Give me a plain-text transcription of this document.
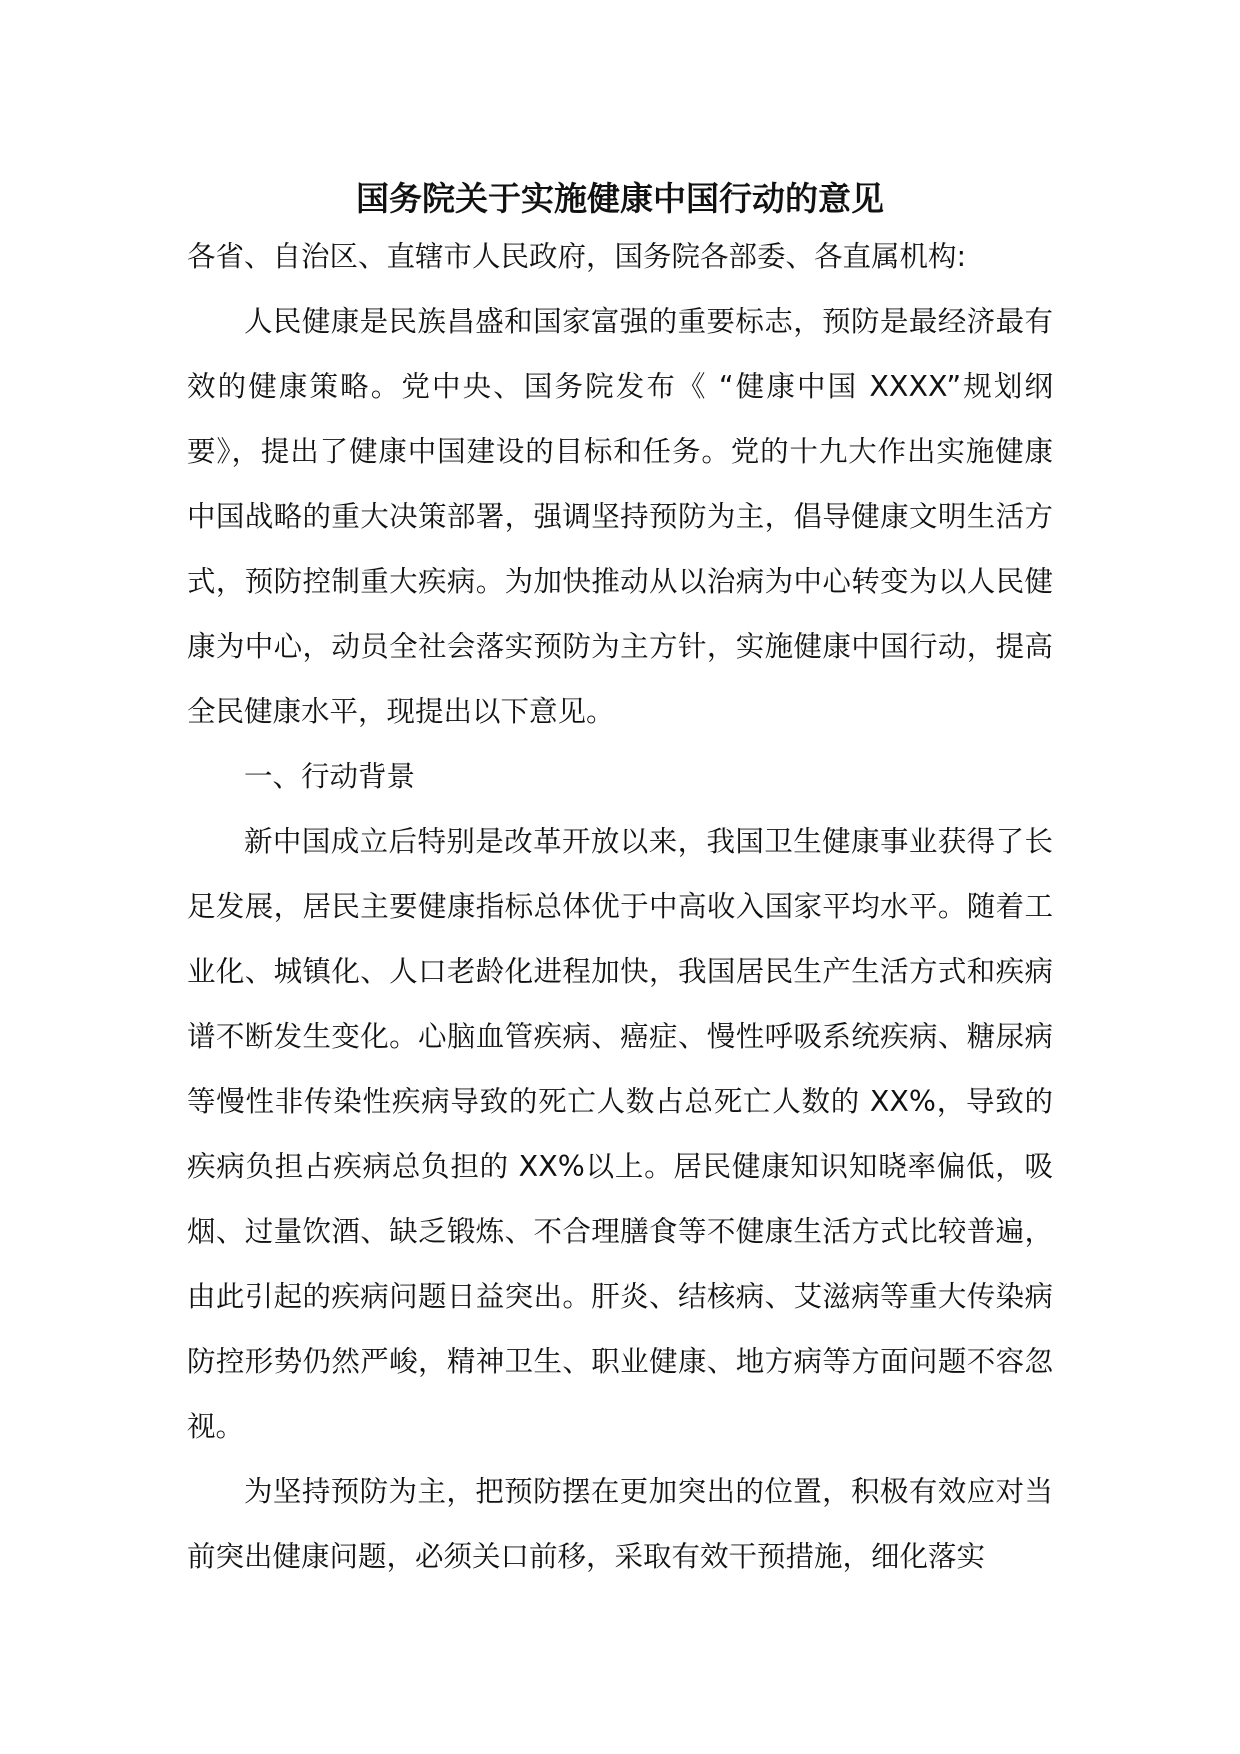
国务院关于实施健康中国行动的意见

各省、自治区、直辖市人民政府，国务院各部委、各直属机构:

人民健康是民族昌盛和国家富强的重要标志，预防是最经济最有效的健康策略。党中央、国务院发布《 “健康中国 XXXX”规划纲要》，提出了健康中国建设的目标和任务。党的十九大作出实施健康中国战略的重大决策部署，强调坚持预防为主，倡导健康文明生活方式，预防控制重大疾病。为加快推动从以治病为中心转变为以人民健康为中心，动员全社会落实预防为主方针，实施健康中国行动，提高全民健康水平，现提出以下意见。

一、行动背景

新中国成立后特别是改革开放以来，我国卫生健康事业获得了长足发展，居民主要健康指标总体优于中高收入国家平均水平。随着工业化、城镇化、人口老龄化进程加快，我国居民生产生活方式和疾病谱不断发生变化。心脑血管疾病、癌症、慢性呼吸系统疾病、糖尿病等慢性非传染性疾病导致的死亡人数占总死亡人数的 XX%，导致的疾病负担占疾病总负担的 XX%以上。居民健康知识知晓率偏低，吸烟、过量饮酒、缺乏锻炼、不合理膳食等不健康生活方式比较普遍，由此引起的疾病问题日益突出。肝炎、结核病、艾滋病等重大传染病防控形势仍然严峻，精神卫生、职业健康、地方病等方面问题不容忽视。

为坚持预防为主，把预防摆在更加突出的位置，积极有效应对当前突出健康问题，必须关口前移，采取有效干预措施，细化落实
